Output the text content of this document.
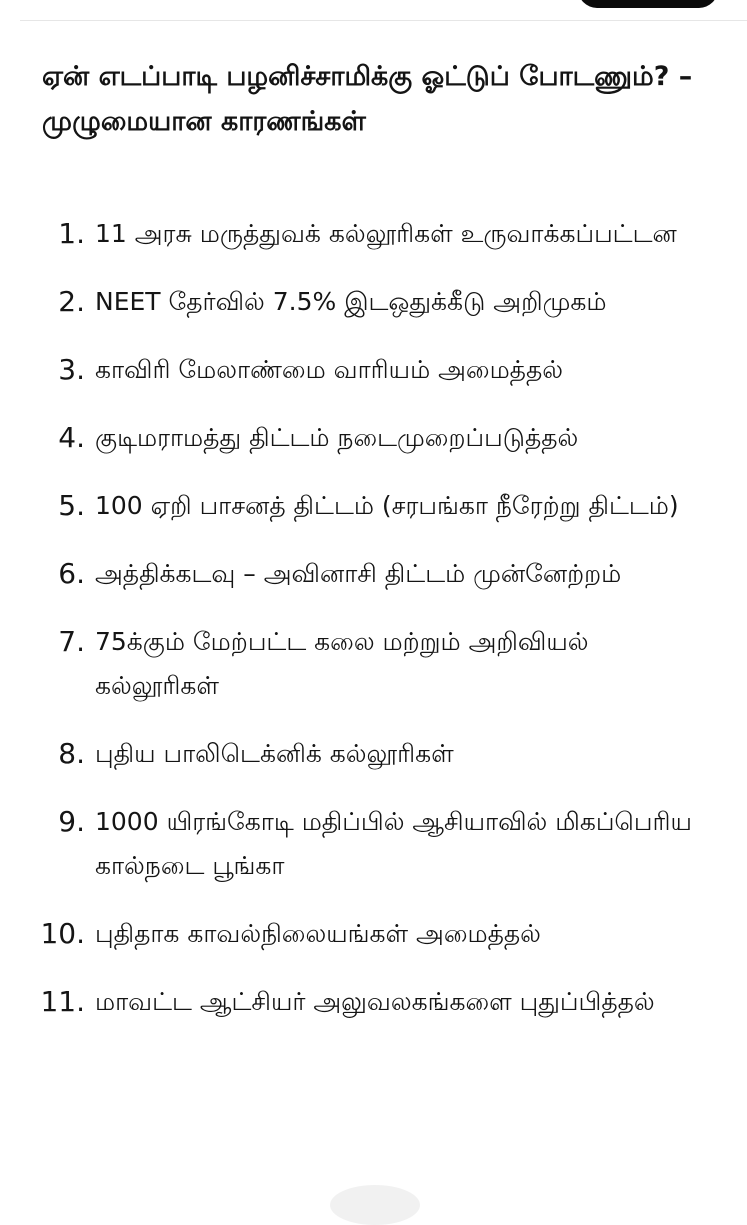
ஏன் எடப்பாடி பழனிச்சாமிக்கு ஓட்டுப் போடணும்? – முழுமையான காரணங்கள்
1. 11 அரசு மருத்துவக் கல்லூரிகள் உருவாக்கப்பட்டன
2. NEET தேர்வில் 7.5% இடஒதுக்கீடு அறிமுகம்
3. காவிரி மேலாண்மை வாரியம் அமைத்தல்
4. குடிமராமத்து திட்டம் நடைமுறைப்படுத்தல்
5. 100 ஏறி பாசனத் திட்டம் (சரபங்கா நீரேற்று திட்டம்)
6. அத்திக்கடவு – அவினாசி திட்டம் முன்னேற்றம்
7. 75க்கும் மேற்பட்ட கலை மற்றும் அறிவியல் கல்லூரிகள்
8. புதிய பாலிடெக்னிக் கல்லூரிகள்
9. 1000 யிரங்கோடி மதிப்பில் ஆசியாவில் மிகப்பெரிய கால்நடை பூங்கா
10. புதிதாக காவல்நிலையங்கள் அமைத்தல்
11. மாவட்ட ஆட்சியர் அலுவலகங்களை புதுப்பித்தல்
